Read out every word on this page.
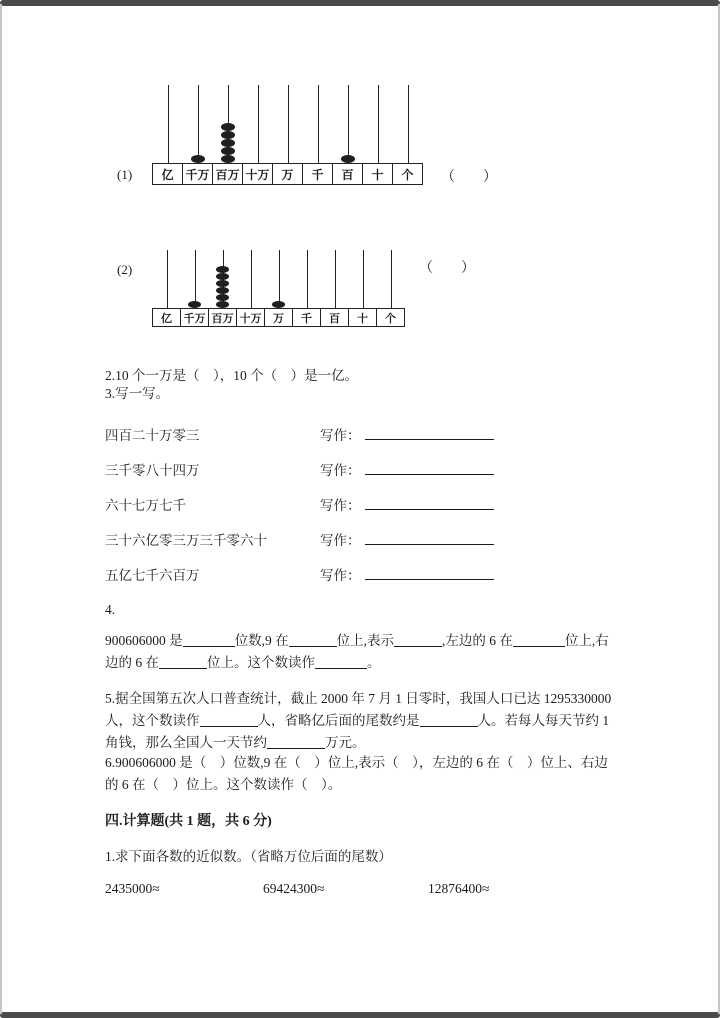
(1)	亿 千万 百万 十万 万	千	百	十	个	（　　）
(2)
亿	千万 百万 十万	万	千	百	十	个
（　　）
2.10 个一万是（　），10 个（　）是一亿。
3.写一写。
四百二十万零三	写作：
三千零八十四万	写作：
六十七万七千	写作：
三十六亿零三万三千零六十	写作：
五亿七千六百万	写作：
4.
900606000 是	位数,9 在	位上,表示	,左边的 6 在	位上,右边的 6 在	位上。这个数读作	。
5.据全国第五次人口普查统计，截止 2000 年 7 月 1 日零时，我国人口已达 1295330000 人，这个数读作	人，省略亿后面的尾数约是	人。若每人每天节约 1 角钱，那么全国人一天节约	万元。
6.900606000 是（　）位数,9 在（　）位上,表示（　），左边的 6 在（　）位上、右边的 6 在（　）位上。这个数读作（　）。
四.计算题(共 1 题，共 6 分)
1.求下面各数的近似数。（省略万位后面的尾数）
2435000≈	69424300≈	12876400≈
